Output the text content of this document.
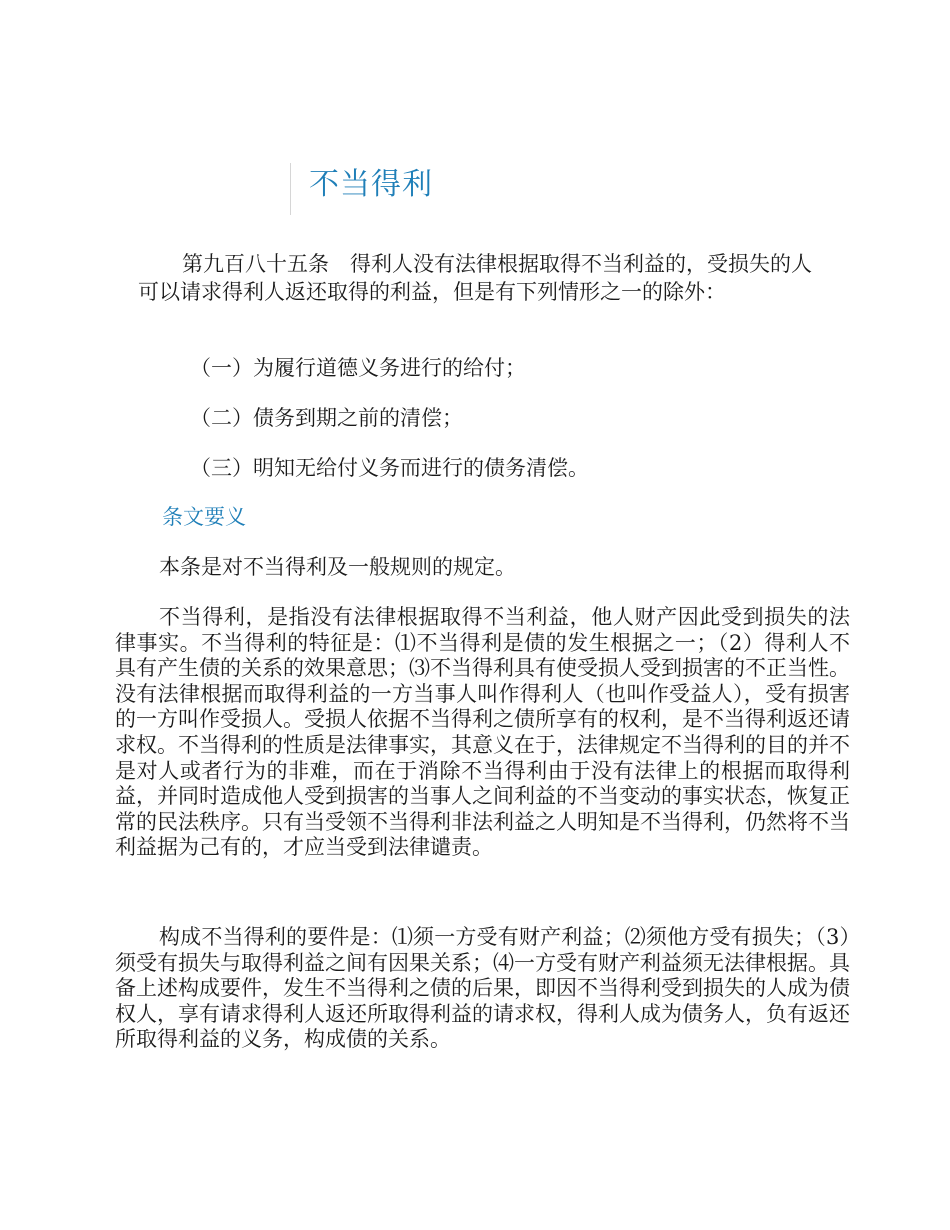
不当得利

第九百八十五条　得利人没有法律根据取得不当利益的，受损失的人可以请求得利人返还取得的利益，但是有下列情形之一的除外：

（一）为履行道德义务进行的给付；

（二）债务到期之前的清偿；

（三）明知无给付义务而进行的债务清偿。

条文要义

本条是对不当得利及一般规则的规定。

不当得利，是指没有法律根据取得不当利益，他人财产因此受到损失的法律事实。不当得利的特征是：⑴不当得利是债的发生根据之一；（2）得利人不具有产生债的关系的效果意思；⑶不当得利具有使受损人受到损害的不正当性。没有法律根据而取得利益的一方当事人叫作得利人（也叫作受益人），受有损害的一方叫作受损人。受损人依据不当得利之债所享有的权利，是不当得利返还请求权。不当得利的性质是法律事实，其意义在于，法律规定不当得利的目的并不是对人或者行为的非难，而在于消除不当得利由于没有法律上的根据而取得利益，并同时造成他人受到损害的当事人之间利益的不当变动的事实状态，恢复正常的民法秩序。只有当受领不当得利非法利益之人明知是不当得利，仍然将不当利益据为己有的，才应当受到法律谴责。

构成不当得利的要件是：⑴须一方受有财产利益；⑵须他方受有损失；（3）须受有损失与取得利益之间有因果关系；⑷一方受有财产利益须无法律根据。具备上述构成要件，发生不当得利之债的后果，即因不当得利受到损失的人成为债权人，享有请求得利人返还所取得利益的请求权，得利人成为债务人，负有返还所取得利益的义务，构成债的关系。
